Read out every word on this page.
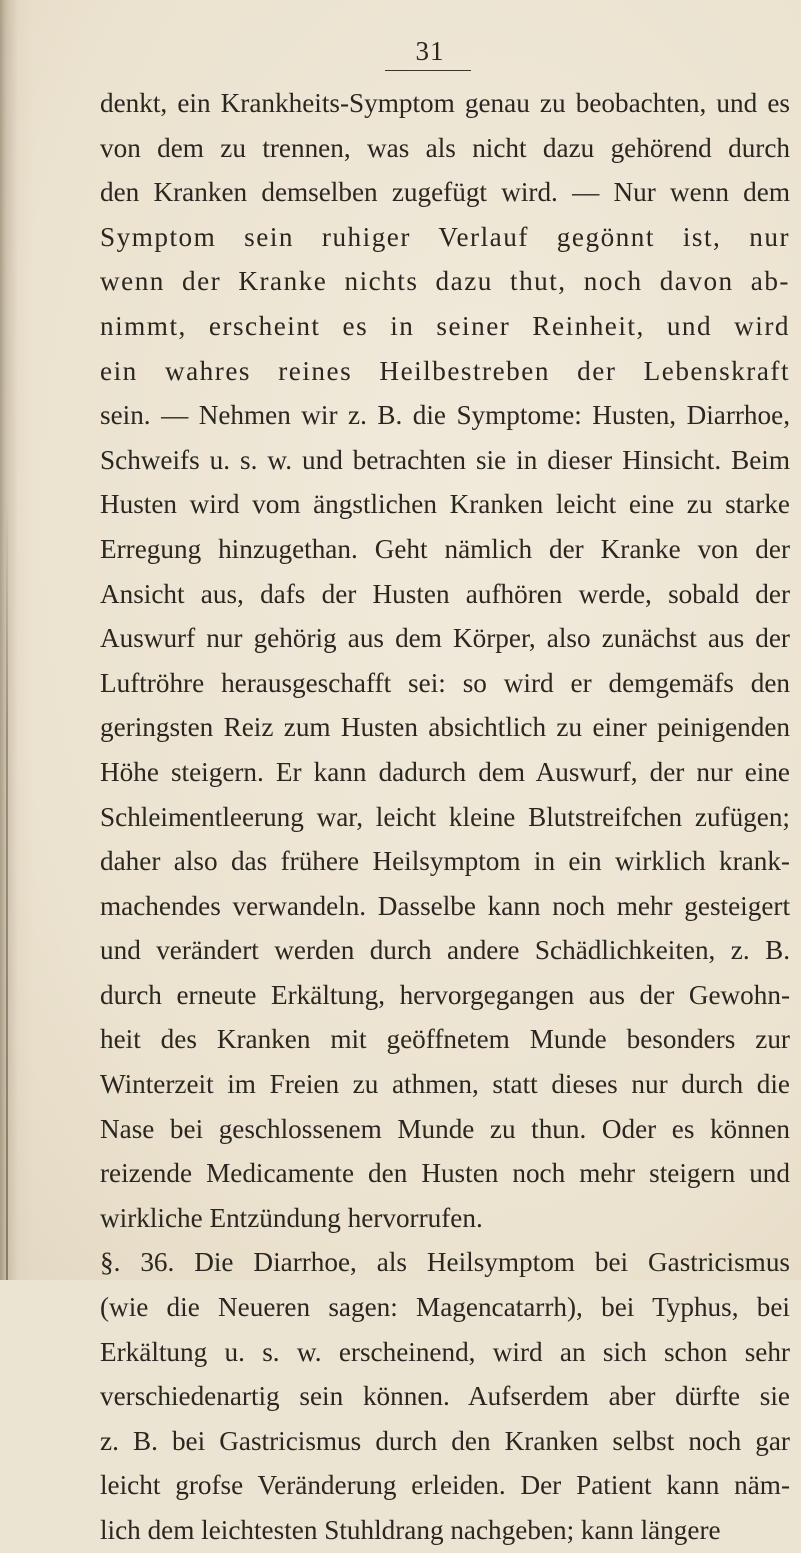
31
denkt, ein Krankheits-Symptom genau zu beobachten, und es
von dem zu trennen, was als nicht dazu gehörend durch
den Kranken demselben zugefügt wird. — Nur wenn dem
Symptom sein ruhiger Verlauf gegönnt ist, nur
wenn der Kranke nichts dazu thut, noch davon ab-
nimmt, erscheint es in seiner Reinheit, und wird
ein wahres reines Heilbestreben der Lebenskraft
sein. — Nehmen wir z. B. die Symptome: Husten, Diarrhoe,
Schweifs u. s. w. und betrachten sie in dieser Hinsicht. Beim
Husten wird vom ängstlichen Kranken leicht eine zu starke
Erregung hinzugethan. Geht nämlich der Kranke von der
Ansicht aus, dafs der Husten aufhören werde, sobald der
Auswurf nur gehörig aus dem Körper, also zunächst aus der
Luftröhre herausgeschafft sei: so wird er demgemäfs den
geringsten Reiz zum Husten absichtlich zu einer peinigenden
Höhe steigern. Er kann dadurch dem Auswurf, der nur eine
Schleimentleerung war, leicht kleine Blutstreifchen zufügen;
daher also das frühere Heilsymptom in ein wirklich krank-
machendes verwandeln. Dasselbe kann noch mehr gesteigert
und verändert werden durch andere Schädlichkeiten, z. B.
durch erneute Erkältung, hervorgegangen aus der Gewohn-
heit des Kranken mit geöffnetem Munde besonders zur
Winterzeit im Freien zu athmen, statt dieses nur durch die
Nase bei geschlossenem Munde zu thun. Oder es können
reizende Medicamente den Husten noch mehr steigern und
wirkliche Entzündung hervorrufen.
§. 36. Die Diarrhoe, als Heilsymptom bei Gastricismus
(wie die Neueren sagen: Magencatarrh), bei Typhus, bei
Erkältung u. s. w. erscheinend, wird an sich schon sehr
verschiedenartig sein können. Aufserdem aber dürfte sie
z. B. bei Gastricismus durch den Kranken selbst noch gar
leicht grofse Veränderung erleiden. Der Patient kann näm-
lich dem leichtesten Stuhldrang nachgeben; kann längere
